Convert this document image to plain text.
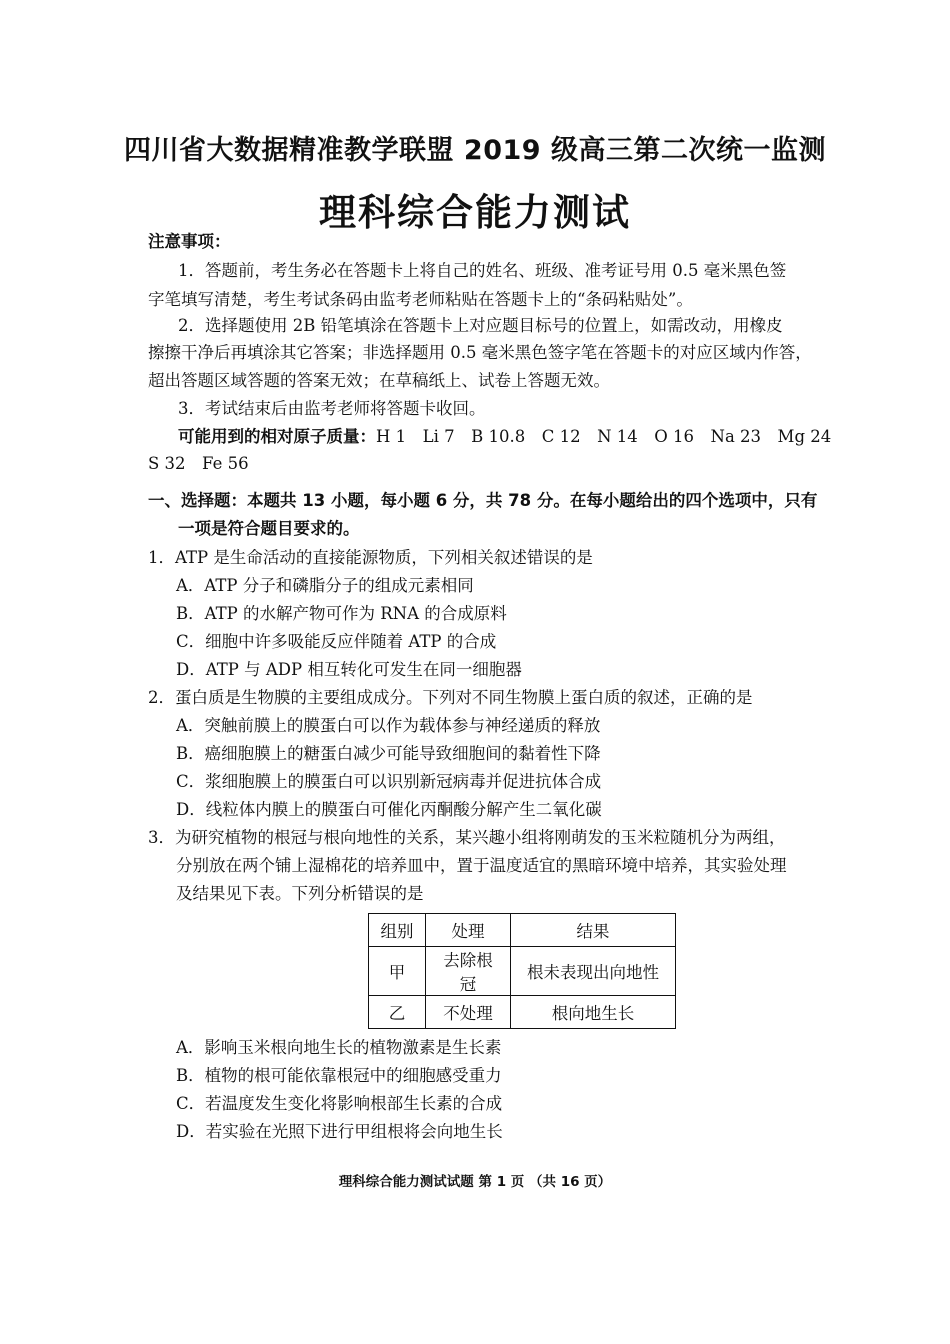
四川省大数据精准教学联盟 2019 级高三第二次统一监测
理科综合能力测试
注意事项：
1．答题前，考生务必在答题卡上将自己的姓名、班级、准考证号用 0.5 毫米黑色签
字笔填写清楚，考生考试条码由监考老师粘贴在答题卡上的“条码粘贴处”。
2．选择题使用 2B 铅笔填涂在答题卡上对应题目标号的位置上，如需改动，用橡皮
擦擦干净后再填涂其它答案；非选择题用 0.5 毫米黑色签字笔在答题卡的对应区域内作答，
超出答题区域答题的答案无效；在草稿纸上、试卷上答题无效。
3．考试结束后由监考老师将答题卡收回。
可能用到的相对原子质量：H 1　Li 7　B 10.8　C 12　N 14　O 16　Na 23　Mg 24
S 32　Fe 56
一、选择题：本题共 13 小题，每小题 6 分，共 78 分。在每小题给出的四个选项中，只有
一项是符合题目要求的。
1．ATP 是生命活动的直接能源物质，下列相关叙述错误的是
A．ATP 分子和磷脂分子的组成元素相同
B．ATP 的水解产物可作为 RNA 的合成原料
C．细胞中许多吸能反应伴随着 ATP 的合成
D．ATP 与 ADP 相互转化可发生在同一细胞器
2．蛋白质是生物膜的主要组成成分。下列对不同生物膜上蛋白质的叙述，正确的是
A．突触前膜上的膜蛋白可以作为载体参与神经递质的释放
B．癌细胞膜上的糖蛋白减少可能导致细胞间的黏着性下降
C．浆细胞膜上的膜蛋白可以识别新冠病毒并促进抗体合成
D．线粒体内膜上的膜蛋白可催化丙酮酸分解产生二氧化碳
3．为研究植物的根冠与根向地性的关系，某兴趣小组将刚萌发的玉米粒随机分为两组，
分别放在两个铺上湿棉花的培养皿中，置于温度适宜的黑暗环境中培养，其实验处理
及结果见下表。下列分析错误的是
组别	处理	结果
甲	去除根冠	根未表现出向地性
乙	不处理	根向地生长
A．影响玉米根向地生长的植物激素是生长素
B．植物的根可能依靠根冠中的细胞感受重力
C．若温度发生变化将影响根部生长素的合成
D．若实验在光照下进行甲组根将会向地生长
理科综合能力测试试题 第 1 页 （共 16 页）
